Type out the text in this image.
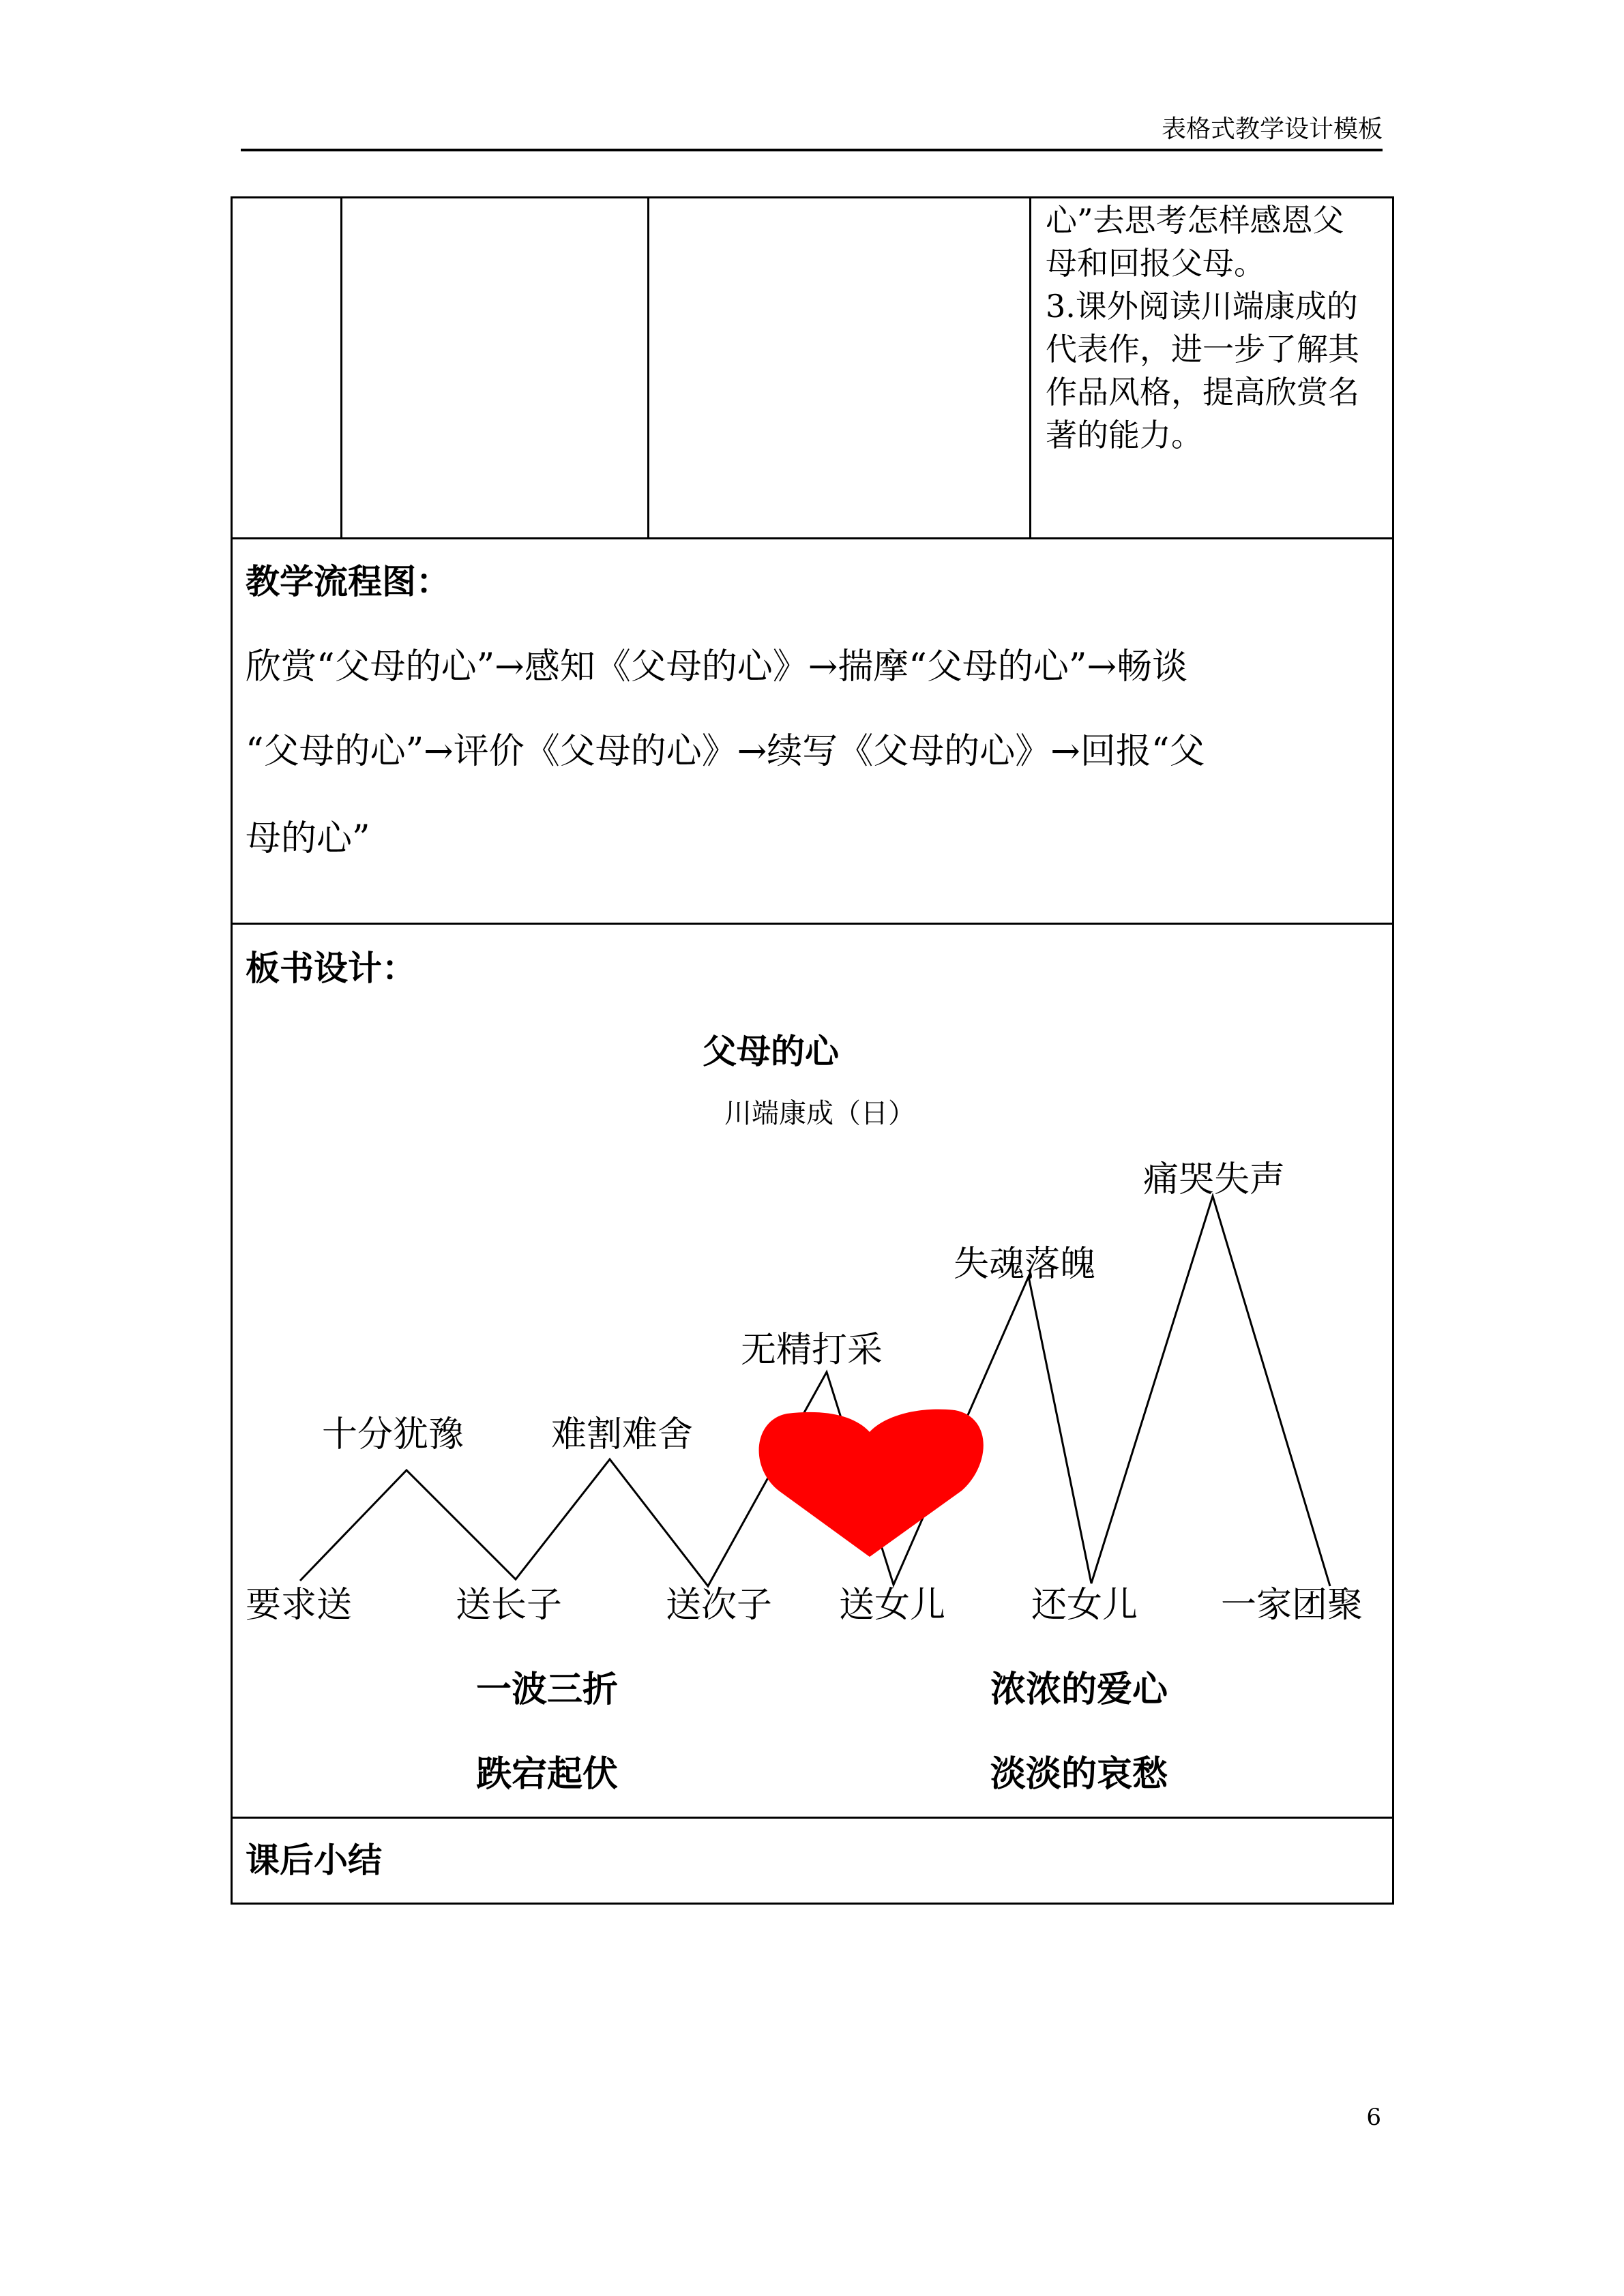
表格式教学设计模板
心”去思考怎样感恩父
母和回报父母。
3.课外阅读川端康成的
代表作，进一步了解其
作品风格，提高欣赏名
著的能力。
教学流程图：
欣赏“父母的心”→感知《父母的心》→揣摩“父母的心”→畅谈
“父母的心”→评价《父母的心》→续写《父母的心》→回报“父
母的心”
板书设计：
父母的心
川端康成（日）
十分犹豫 难割难舍
无精打采
失魂落魄
痛哭失声
要求送	送长子	送次子 送女儿 还女儿 一家团聚
一波三折
跌宕起伏
浓浓的爱心
淡淡的哀愁
课后小结
6
